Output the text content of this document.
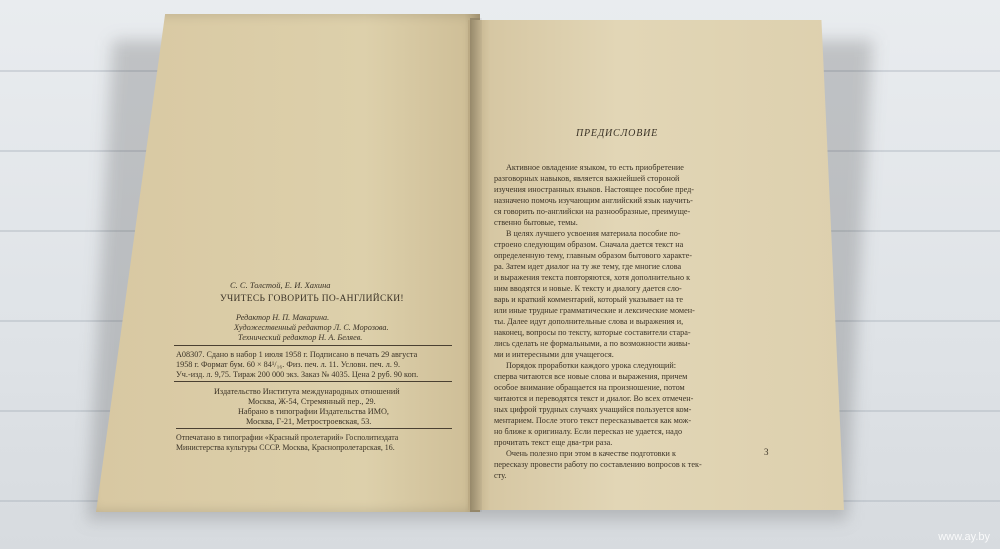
С. С. Толстой, Е. И. Хахина
УЧИТЕСЬ ГОВОРИТЬ ПО-АНГЛИЙСКИ!
Редактор Н. П. Макарина.
Художественный редактор Л. С. Морозова.
Технический редактор Н. А. Беляев.
А08307. Сдано в набор 1 июля 1958 г. Подписано в печать 29 августа
1958 г. Формат бум. 60 × 84¹/₁₆. Физ. печ. л. 11. Условн. печ. л. 9.
Уч.-изд. л. 9,75. Тираж 200 000 экз. Заказ № 4035. Цена 2 руб. 90 коп.
Издательство Института международных отношений
Москва, Ж-54, Стремянный пер., 29.
Набрано в типографии Издательства ИМО,
Москва, Г-21, Метростроевская, 53.
Отпечатано в типографии «Красный пролетарий» Госполитиздата
Министерства культуры СССР. Москва, Краснопролетарская, 16.
ПРЕДИСЛОВИЕ
Активное овладение языком, то есть приобретение
разговорных навыков, является важнейшей стороной
изучения иностранных языков. Настоящее пособие пред-
назначено помочь изучающим английский язык научить-
ся говорить по-английски на разнообразные, преимуще-
ственно бытовые, темы.
В целях лучшего усвоения материала пособие по-
строено следующим образом. Сначала дается текст на
определенную тему, главным образом бытового характе-
ра. Затем идет диалог на ту же тему, где многие слова
и выражения текста повторяются, хотя дополнительно к
ним вводятся и новые. К тексту и диалогу дается сло-
варь и краткий комментарий, который указывает на те
или иные трудные грамматические и лексические момен-
ты. Далее идут дополнительные слова и выражения и,
наконец, вопросы по тексту, которые составители стара-
лись сделать не формальными, а по возможности живы-
ми и интересными для учащегося.
Порядок проработки каждого урока следующий:
сперва читаются все новые слова и выражения, причем
особое внимание обращается на произношение, потом
читаются и переводятся текст и диалог. Во всех отмечен-
ных цифрой трудных случаях учащийся пользуется ком-
ментарием. После этого текст пересказывается как мож-
но ближе к оригиналу. Если пересказ не удается, надо
прочитать текст еще два-три раза.
Очень полезно при этом в качестве подготовки к
пересказу провести работу по составлению вопросов к тек-
сту.
3
www.ay.by
